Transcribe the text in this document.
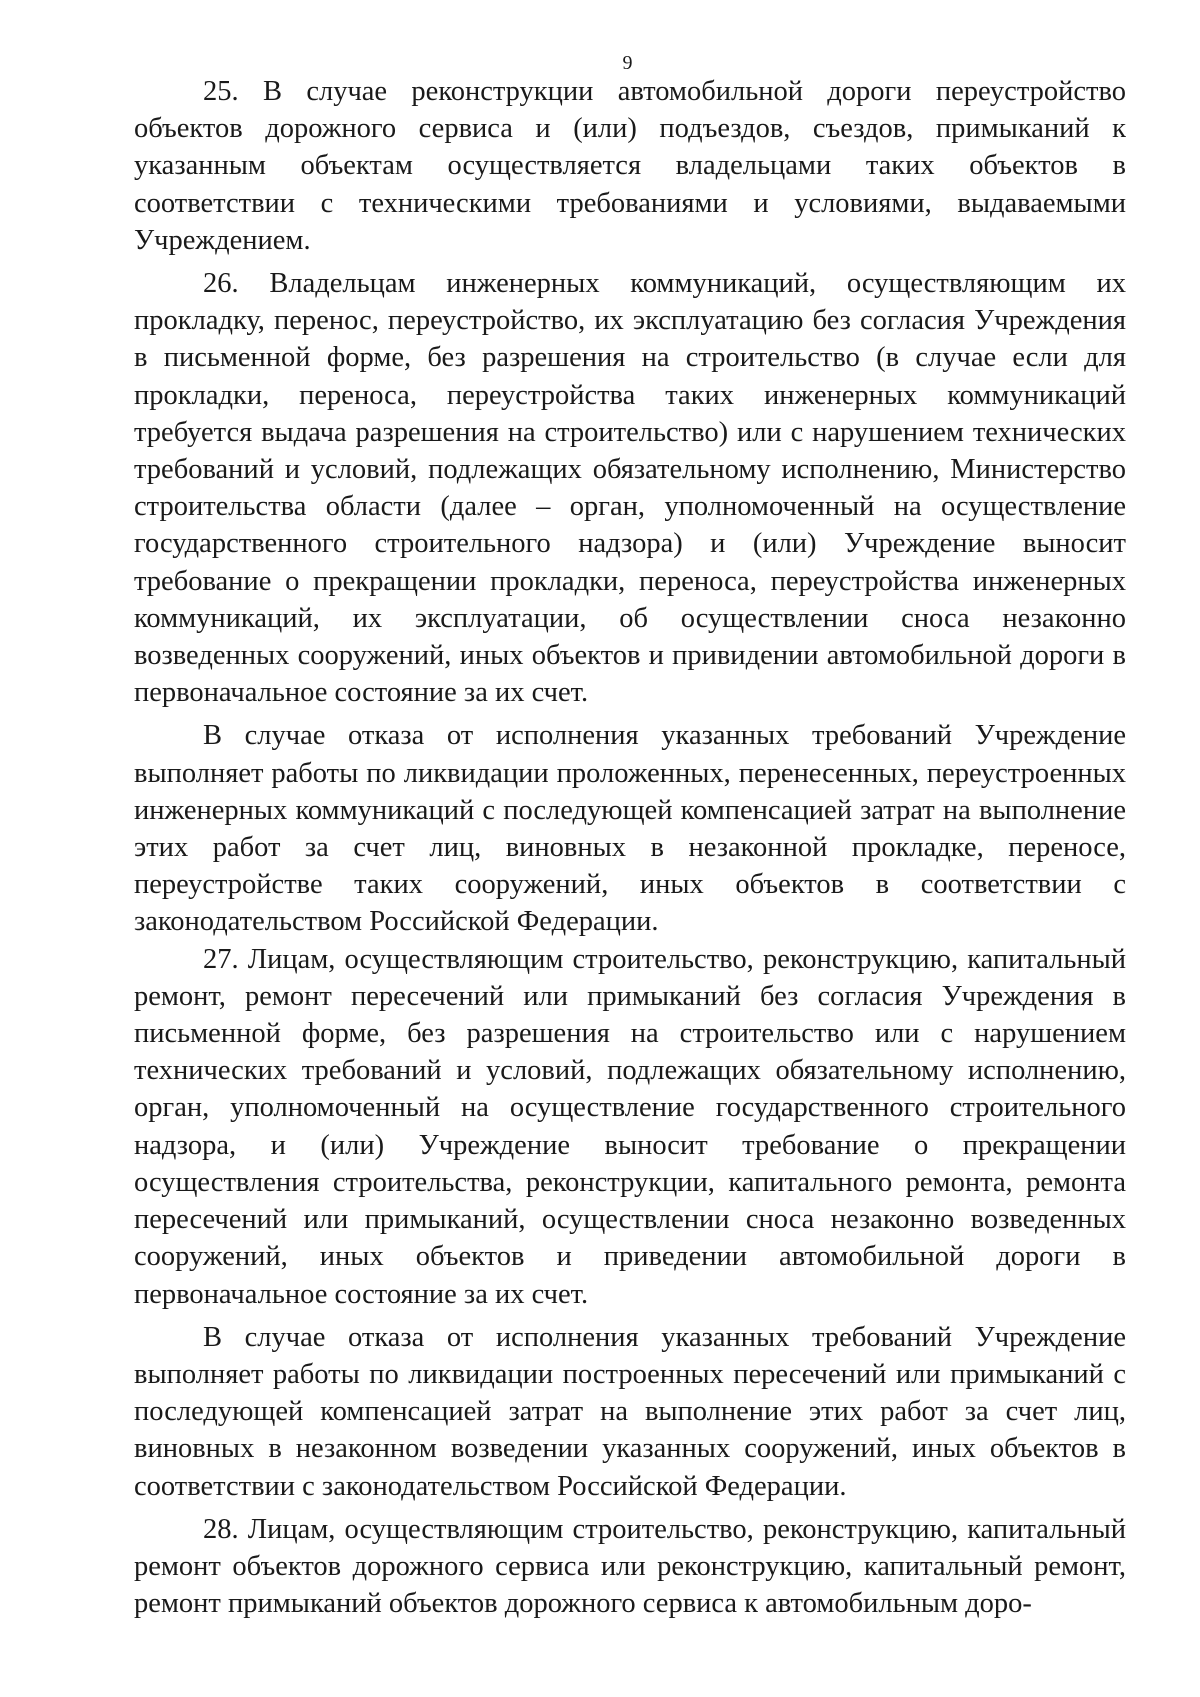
9

25. В случае реконструкции автомобильной дороги переустройство объектов дорожного сервиса и (или) подъездов, съездов, примыканий к указанным объектам осуществляется владельцами таких объектов в соответствии с техническими требованиями и условиями, выдаваемыми Учреждением.

26. Владельцам инженерных коммуникаций, осуществляющим их прокладку, перенос, переустройство, их эксплуатацию без согласия Учреждения в письменной форме, без разрешения на строительство (в случае если для прокладки, переноса, переустройства таких инженерных коммуникаций требуется выдача разрешения на строительство) или с нарушением технических требований и условий, подлежащих обязательному исполнению, Министерство строительства области (далее – орган, уполномоченный на осуществление государственного строительного надзора) и (или) Учреждение выносит требование о прекращении прокладки, переноса, переустройства инженерных коммуникаций, их эксплуатации, об осуществлении сноса незаконно возведенных сооружений, иных объектов и привидении автомобильной дороги в первоначальное состояние за их счет.

В случае отказа от исполнения указанных требований Учреждение выполняет работы по ликвидации проложенных, перенесенных, переустроенных инженерных коммуникаций с последующей компенсацией затрат на выполнение этих работ за счет лиц, виновных в незаконной прокладке, переносе, переустройстве таких сооружений, иных объектов в соответствии с законодательством Российской Федерации.

27. Лицам, осуществляющим строительство, реконструкцию, капитальный ремонт, ремонт пересечений или примыканий без согласия Учреждения в письменной форме, без разрешения на строительство или с нарушением технических требований и условий, подлежащих обязательному исполнению, орган, уполномоченный на осуществление государственного строительного надзора, и (или) Учреждение выносит требование о прекращении осуществления строительства, реконструкции, капитального ремонта, ремонта пересечений или примыканий, осуществлении сноса незаконно возведенных сооружений, иных объектов и приведении автомобильной дороги в первоначальное состояние за их счет.

В случае отказа от исполнения указанных требований Учреждение выполняет работы по ликвидации построенных пересечений или примыканий с последующей компенсацией затрат на выполнение этих работ за счет лиц, виновных в незаконном возведении указанных сооружений, иных объектов в соответствии с законодательством Российской Федерации.

28. Лицам, осуществляющим строительство, реконструкцию, капитальный ремонт объектов дорожного сервиса или реконструкцию, капитальный ремонт, ремонт примыканий объектов дорожного сервиса к автомобильным доро-
